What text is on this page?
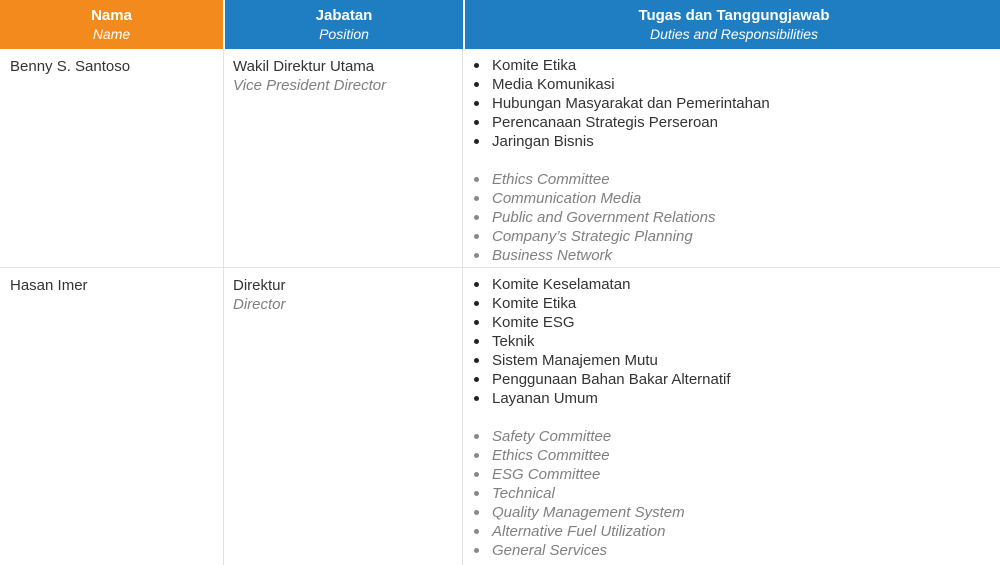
Nama
Name
Jabatan
Position
Tugas dan Tanggungjawab
Duties and Responsibilities
Benny S. Santoso	Wakil Direktur Utama
Vice President Director
Komite Etika
Media Komunikasi
Hubungan Masyarakat dan Pemerintahan
Perencanaan Strategis Perseroan
Jaringan Bisnis
Ethics Committee
Communication Media
Public and Government Relations
Company’s Strategic Planning
Business Network
Hasan Imer	Direktur
Director
Komite Keselamatan
Komite Etika
Komite ESG
Teknik
Sistem Manajemen Mutu
Penggunaan Bahan Bakar Alternatif
Layanan Umum
Safety Committee
Ethics Committee
ESG Committee
Technical
Quality Management System
Alternative Fuel Utilization
General Services
